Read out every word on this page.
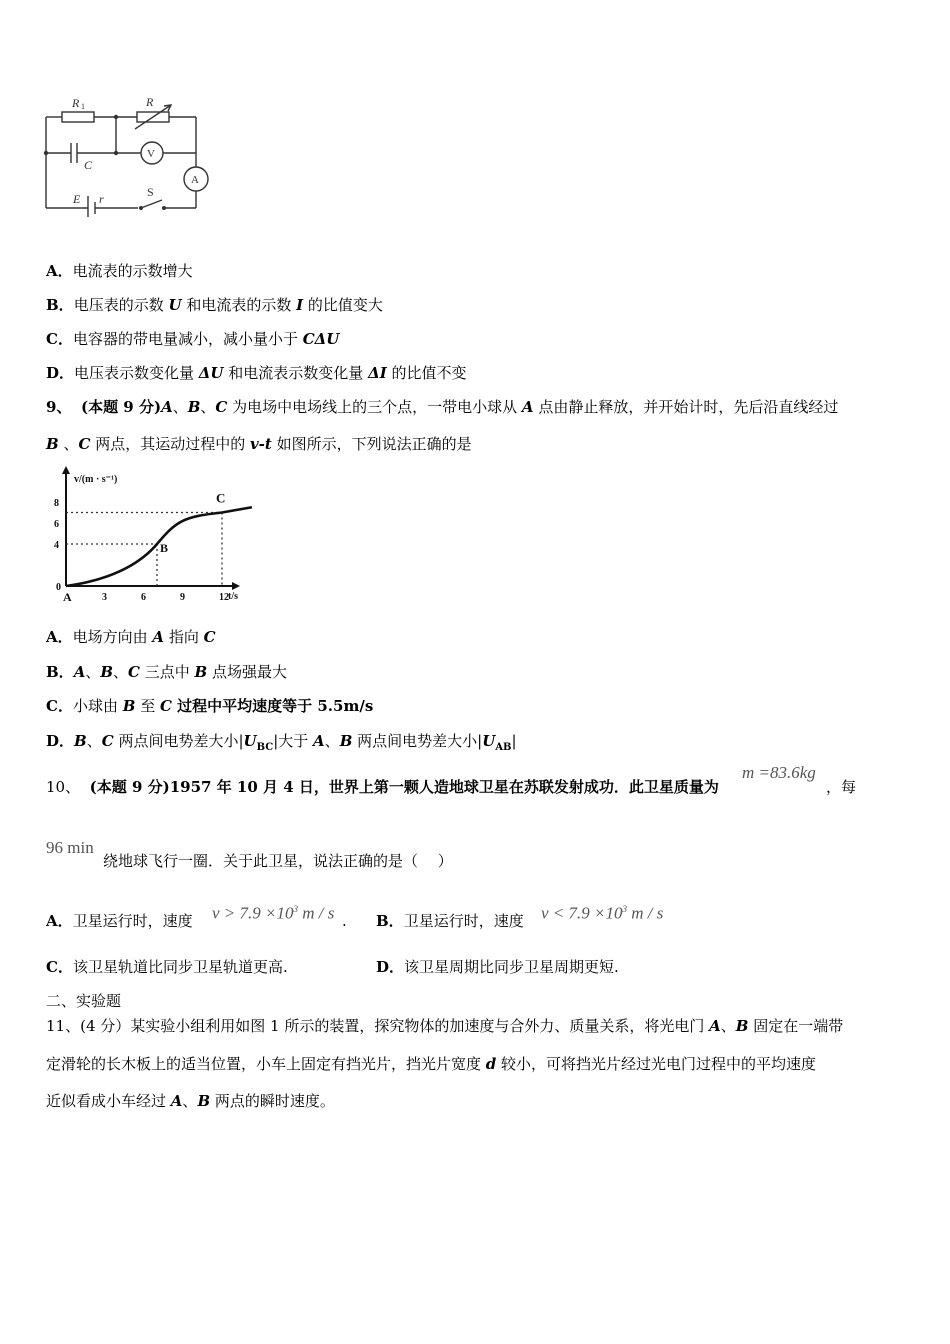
R 1	R
C
V
A
E r	S
A．电流表的示数增大
B．电压表的示数 U 和电流表的示数 I 的比值变大
C．电容器的带电量减小，减小量小于 CΔU
D．电压表示数变化量 ΔU 和电流表示数变化量 ΔI 的比值不变
9、 (本题 9 分)A、B、C 为电场中电场线上的三个点，一带电小球从 A 点由静止释放，并开始计时，先后沿直线经过
B 、C 两点，其运动过程中的 v-t 如图所示，下列说法正确的是
A
B
C
3	6	9	12
4
6
8
v/(m · s⁻¹)
t/s
0
A．电场方向由 A 指向 C
B．A、B、C 三点中 B 点场强最大
C．小球由 B 至 C 过程中平均速度等于 5.5m/s
D．B、C 两点间电势差大小$|U_{BC}|$大于 A、B 两点间电势差大小$|U_{AB}|$
10、 (本题 9 分)1957 年 10 月 4 日，世界上第一颗人造地球卫星在苏联发射成功．此卫星质量为
m =83.6kg
，每
96 min
绕地球飞行一圈．关于此卫星，说法正确的是（　 ）
A．卫星运行时，速度 $v > 7.9 \times 10^3$ m / s . B．卫星运行时，速度 $v < 7.9 \times 10^3$ m / s
C．该卫星轨道比同步卫星轨道更高.	D．该卫星周期比同步卫星周期更短.
二、实验题
11、(4 分）某实验小组利用如图 1 所示的装置，探究物体的加速度与合外力、质量关系，将光电门 A、B 固定在一端带
定滑轮的长木板上的适当位置，小车上固定有挡光片，挡光片宽度 d 较小，可将挡光片经过光电门过程中的平均速度
近似看成小车经过 A、B 两点的瞬时速度。
